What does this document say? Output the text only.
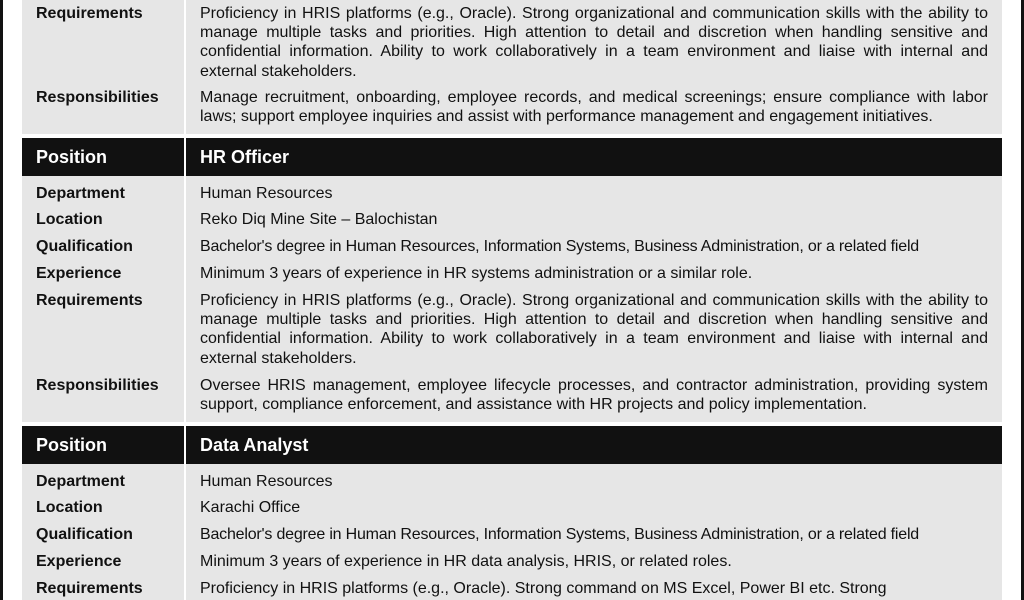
Requirements	Proficiency in HRIS platforms (e.g., Oracle). Strong organizational and communication skills with the ability to manage multiple tasks and priorities. High attention to detail and discretion when handling sensitive and confidential information. Ability to work collaboratively in a team environment and liaise with internal and external stakeholders.
Responsibilities	Manage recruitment, onboarding, employee records, and medical screenings; ensure compliance with labor laws; support employee inquiries and assist with performance management and engagement initiatives.
Position	HR Officer
Department	Human Resources
Location	Reko Diq Mine Site – Balochistan
Qualification	Bachelor's degree in Human Resources, Information Systems, Business Administration, or a related field
Experience	Minimum 3 years of experience in HR systems administration or a similar role.
Requirements	Proficiency in HRIS platforms (e.g., Oracle). Strong organizational and communication skills with the ability to manage multiple tasks and priorities. High attention to detail and discretion when handling sensitive and confidential information. Ability to work collaboratively in a team environment and liaise with internal and external stakeholders.
Responsibilities	Oversee HRIS management, employee lifecycle processes, and contractor administration, providing system support, compliance enforcement, and assistance with HR projects and policy implementation.
Position	Data Analyst
Department	Human Resources
Location	Karachi Office
Qualification	Bachelor's degree in Human Resources, Information Systems, Business Administration, or a related field
Experience	Minimum 3 years of experience in HR data analysis, HRIS, or related roles.
Requirements	Proficiency in HRIS platforms (e.g., Oracle). Strong command on MS Excel, Power BI etc. Strong
